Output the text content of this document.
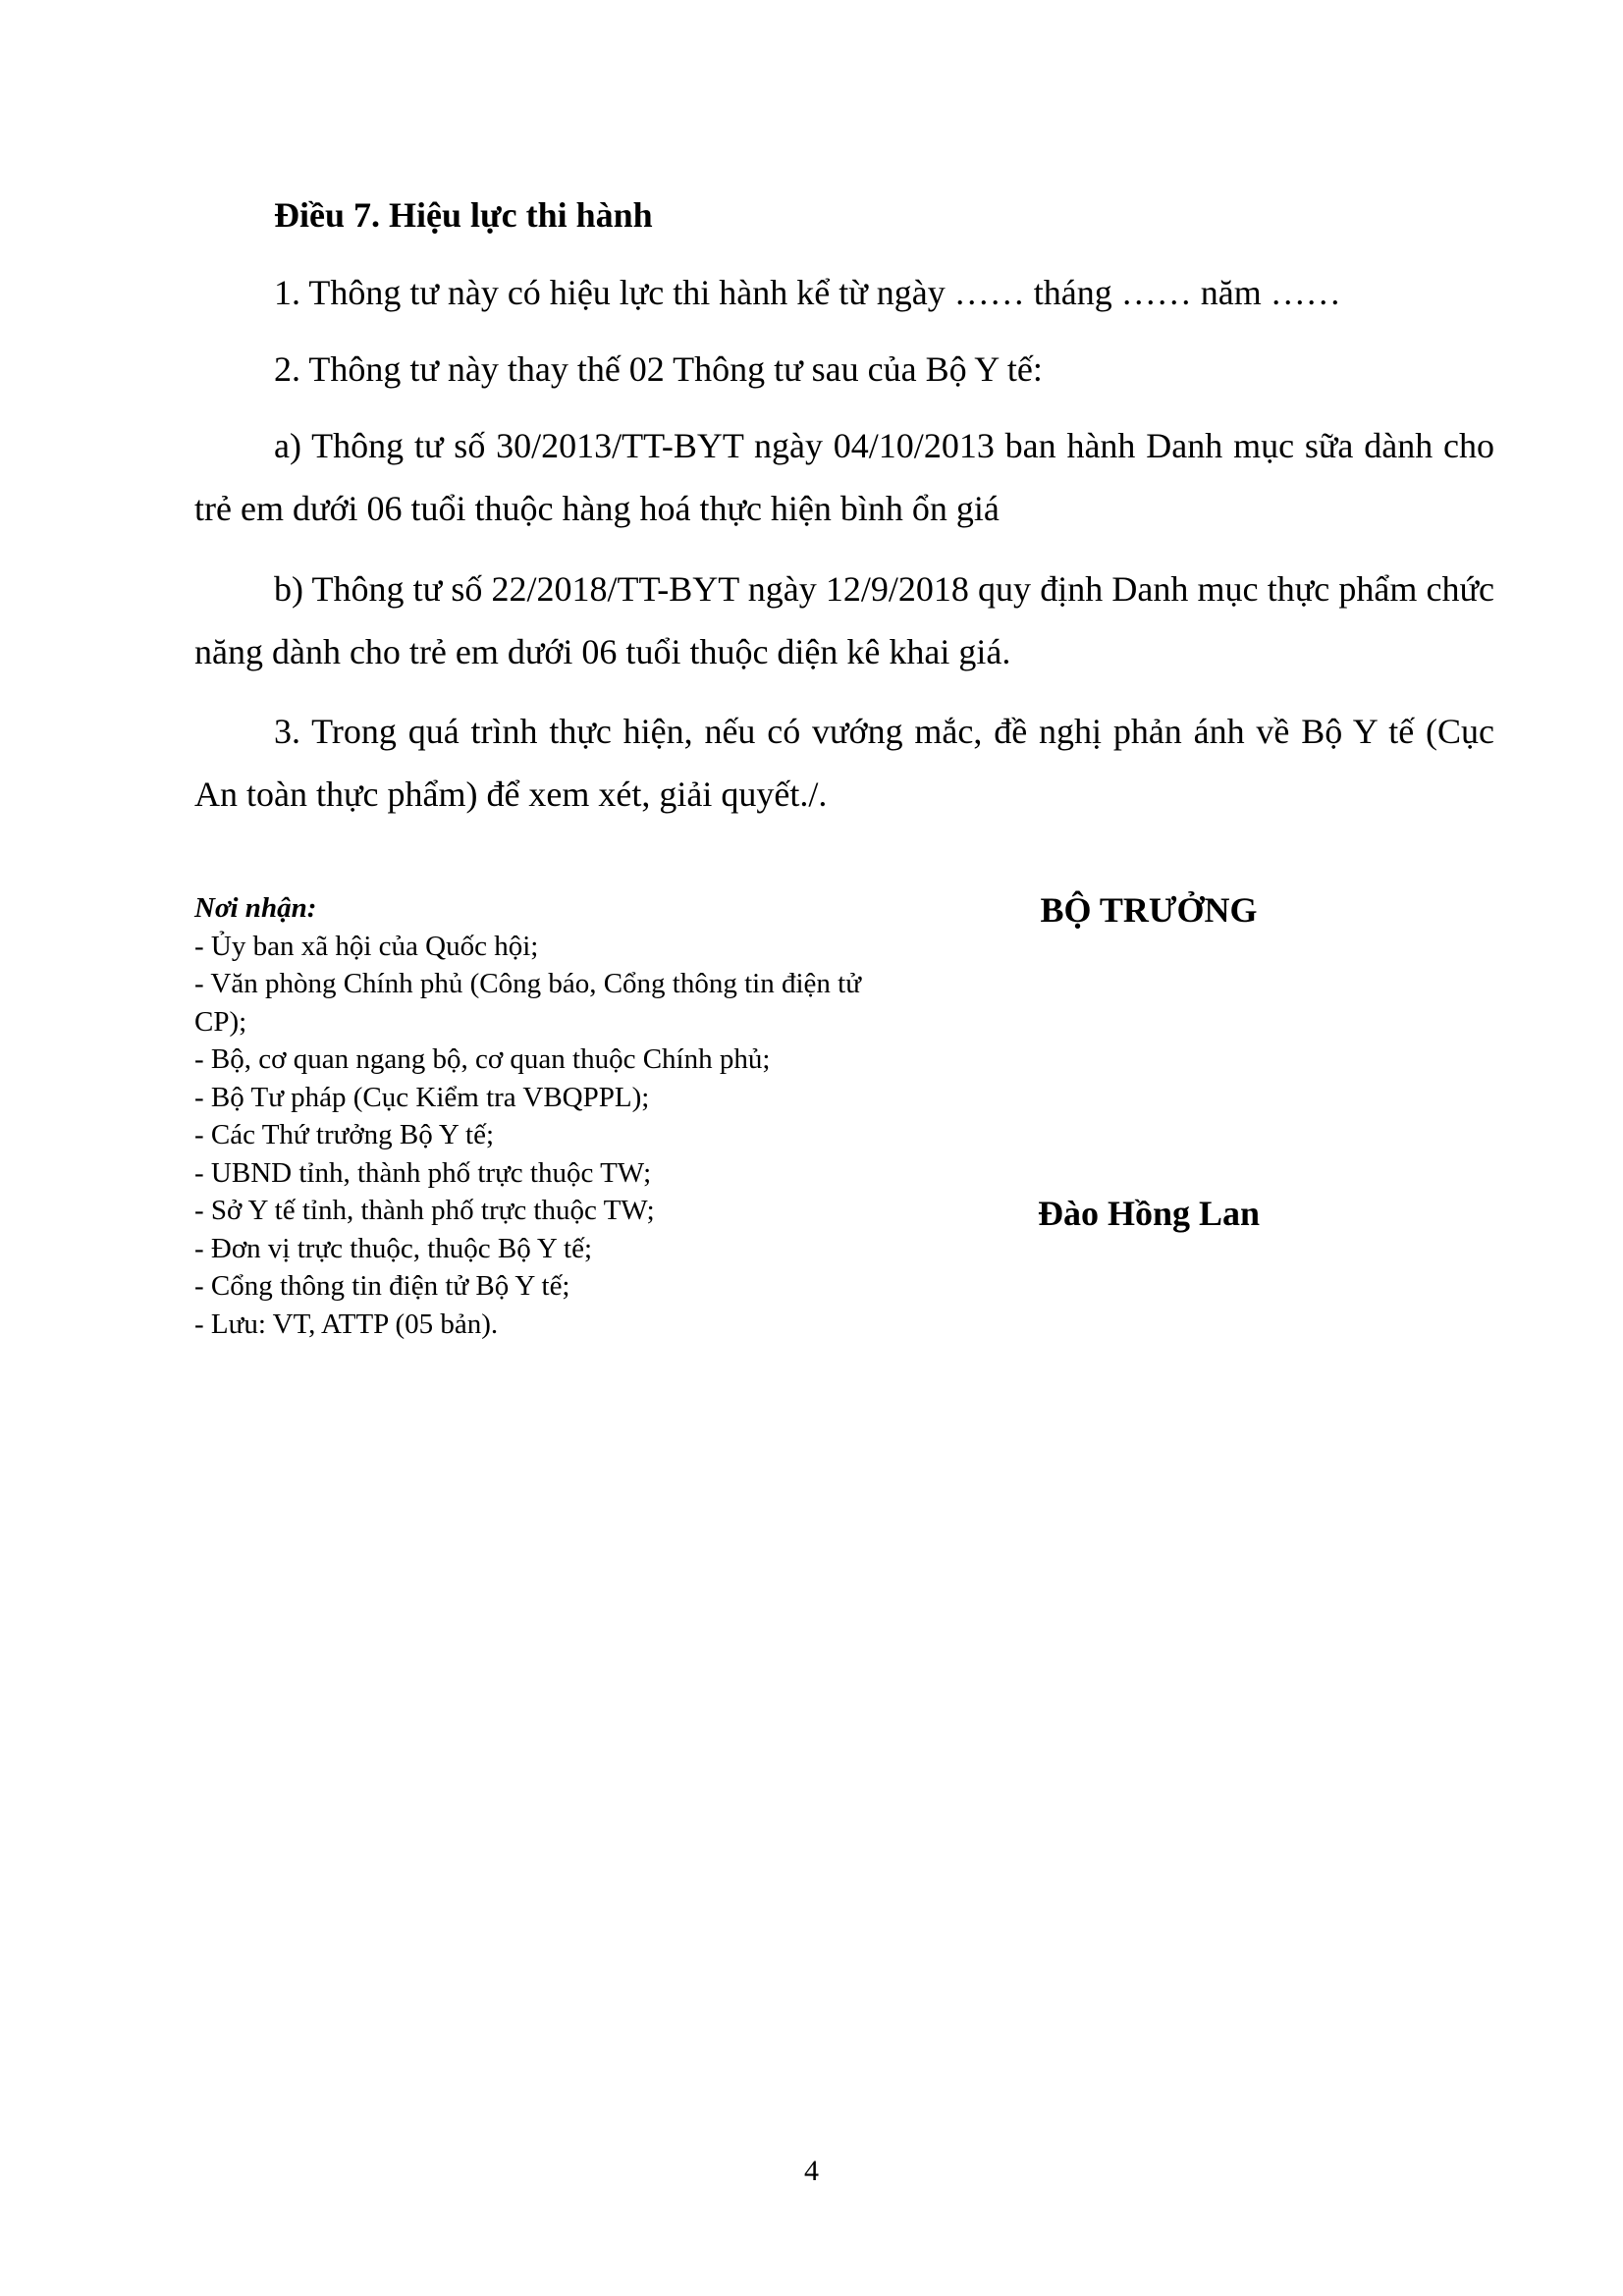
Điều 7. Hiệu lực thi hành

1. Thông tư này có hiệu lực thi hành kể từ ngày …… tháng …… năm ……

2. Thông tư này thay thế 02 Thông tư sau của Bộ Y tế:

a) Thông tư số 30/2013/TT-BYT ngày 04/10/2013 ban hành Danh mục sữa dành cho trẻ em dưới 06 tuổi thuộc hàng hoá thực hiện bình ổn giá

b) Thông tư số 22/2018/TT-BYT ngày 12/9/2018 quy định Danh mục thực phẩm chức năng dành cho trẻ em dưới 06 tuổi thuộc diện kê khai giá.

3. Trong quá trình thực hiện, nếu có vướng mắc, đề nghị phản ánh về Bộ Y tế (Cục An toàn thực phẩm) để xem xét, giải quyết./.

Nơi nhận:
- Ủy ban xã hội của Quốc hội;
- Văn phòng Chính phủ (Công báo, Cổng thông tin điện tử CP);
- Bộ, cơ quan ngang bộ, cơ quan thuộc Chính phủ;
- Bộ Tư pháp (Cục Kiểm tra VBQPPL);
- Các Thứ trưởng Bộ Y tế;
- UBND tỉnh, thành phố trực thuộc TW;
- Sở Y tế tỉnh, thành phố trực thuộc TW;
- Đơn vị trực thuộc, thuộc Bộ Y tế;
- Cổng thông tin điện tử Bộ Y tế;
- Lưu: VT, ATTP (05 bản).
BỘ TRƯỞNG
Đào Hồng Lan
4
